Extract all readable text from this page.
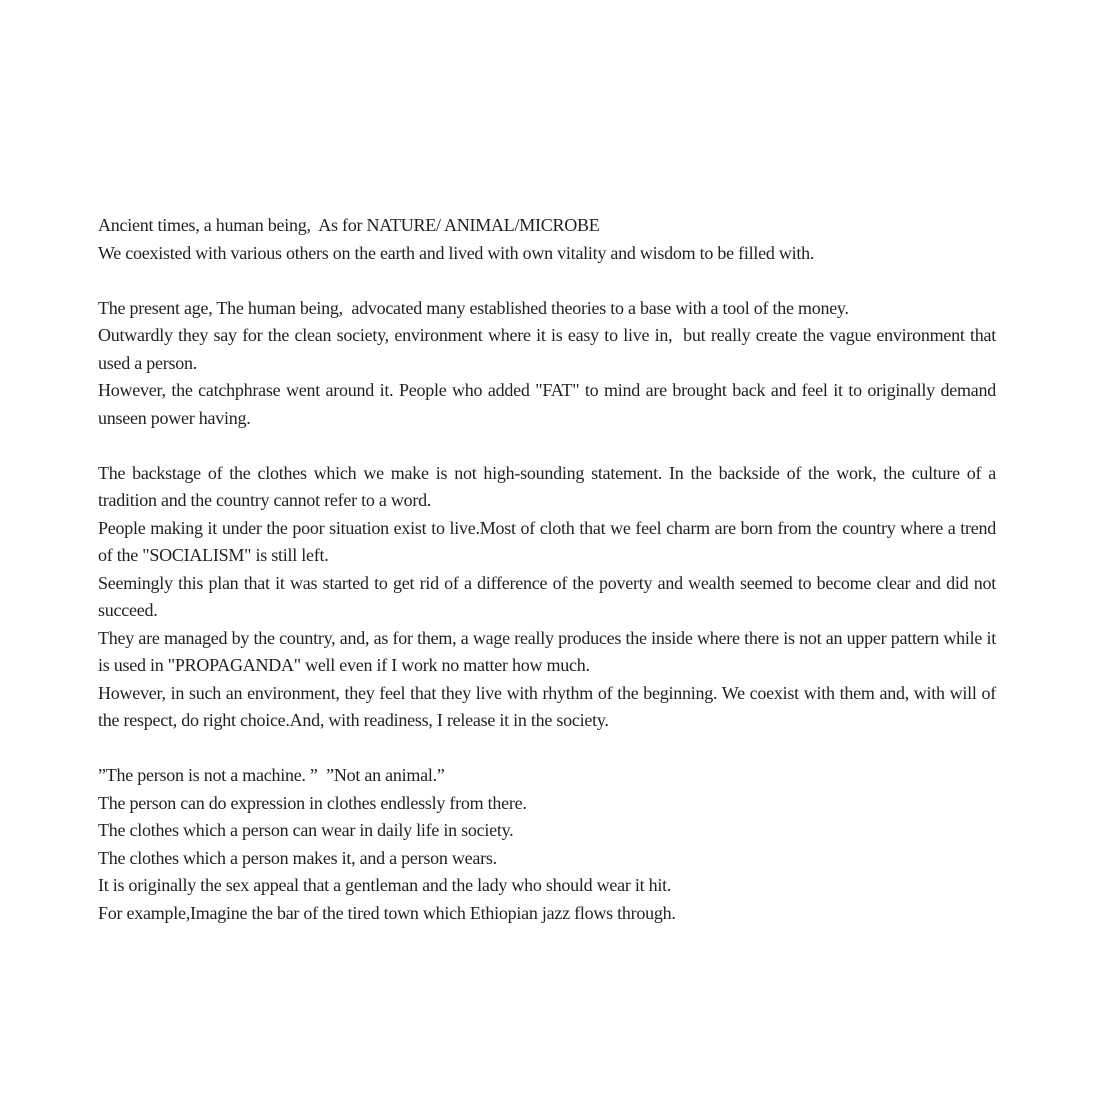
Ancient times, a human being,  As for NATURE/ ANIMAL/MICROBE
We coexisted with various others on the earth and lived with own vitality and wisdom to be filled with.
The present age, The human being,  advocated many established theories to a base with a tool of the money.
Outwardly they say for the clean society, environment where it is easy to live in,  but really create the vague environment that used a person.
However, the catchphrase went around it. People who added "FAT" to mind are brought back and feel it to originally demand unseen power having.
The backstage of the clothes which we make is not high-sounding statement. In the backside of the work, the culture of a tradition and the country cannot refer to a word.
People making it under the poor situation exist to live.Most of cloth that we feel charm are born from the country where a trend of the "SOCIALISM" is still left.
Seemingly this plan that it was started to get rid of a difference of the poverty and wealth seemed to become clear and did not succeed.
They are managed by the country, and, as for them, a wage really produces the inside where there is not an upper pattern while it is used in "PROPAGANDA" well even if I work no matter how much.
However, in such an environment, they feel that they live with rhythm of the beginning. We coexist with them and, with will of the respect, do right choice.And, with readiness, I release it in the society.
”The person is not a machine. ”  ”Not an animal.”
The person can do expression in clothes endlessly from there.
The clothes which a person can wear in daily life in society.
The clothes which a person makes it, and a person wears.
It is originally the sex appeal that a gentleman and the lady who should wear it hit.
For example,Imagine the bar of the tired town which Ethiopian jazz flows through.
